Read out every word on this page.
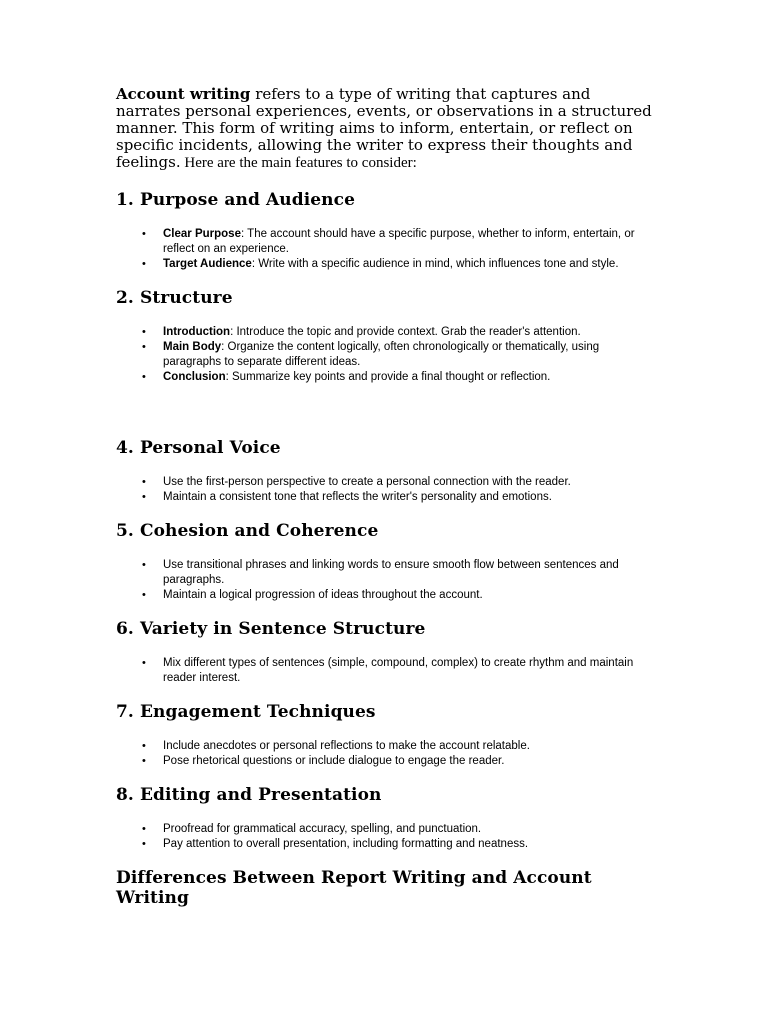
Account writing refers to a type of writing that captures and narrates personal experiences, events, or observations in a structured manner. This form of writing aims to inform, entertain, or reflect on specific incidents, allowing the writer to express their thoughts and feelings. Here are the main features to consider:

1. Purpose and Audience
• Clear Purpose: The account should have a specific purpose, whether to inform, entertain, or reflect on an experience.
• Target Audience: Write with a specific audience in mind, which influences tone and style.
2. Structure
• Introduction: Introduce the topic and provide context. Grab the reader's attention.
• Main Body: Organize the content logically, often chronologically or thematically, using paragraphs to separate different ideas.
• Conclusion: Summarize key points and provide a final thought or reflection.
4. Personal Voice
• Use the first-person perspective to create a personal connection with the reader.
• Maintain a consistent tone that reflects the writer's personality and emotions.
5. Cohesion and Coherence
• Use transitional phrases and linking words to ensure smooth flow between sentences and paragraphs.
• Maintain a logical progression of ideas throughout the account.
6. Variety in Sentence Structure
• Mix different types of sentences (simple, compound, complex) to create rhythm and maintain reader interest.
7. Engagement Techniques
• Include anecdotes or personal reflections to make the account relatable.
• Pose rhetorical questions or include dialogue to engage the reader.
8. Editing and Presentation
• Proofread for grammatical accuracy, spelling, and punctuation.
• Pay attention to overall presentation, including formatting and neatness.
Differences Between Report Writing and Account Writing
